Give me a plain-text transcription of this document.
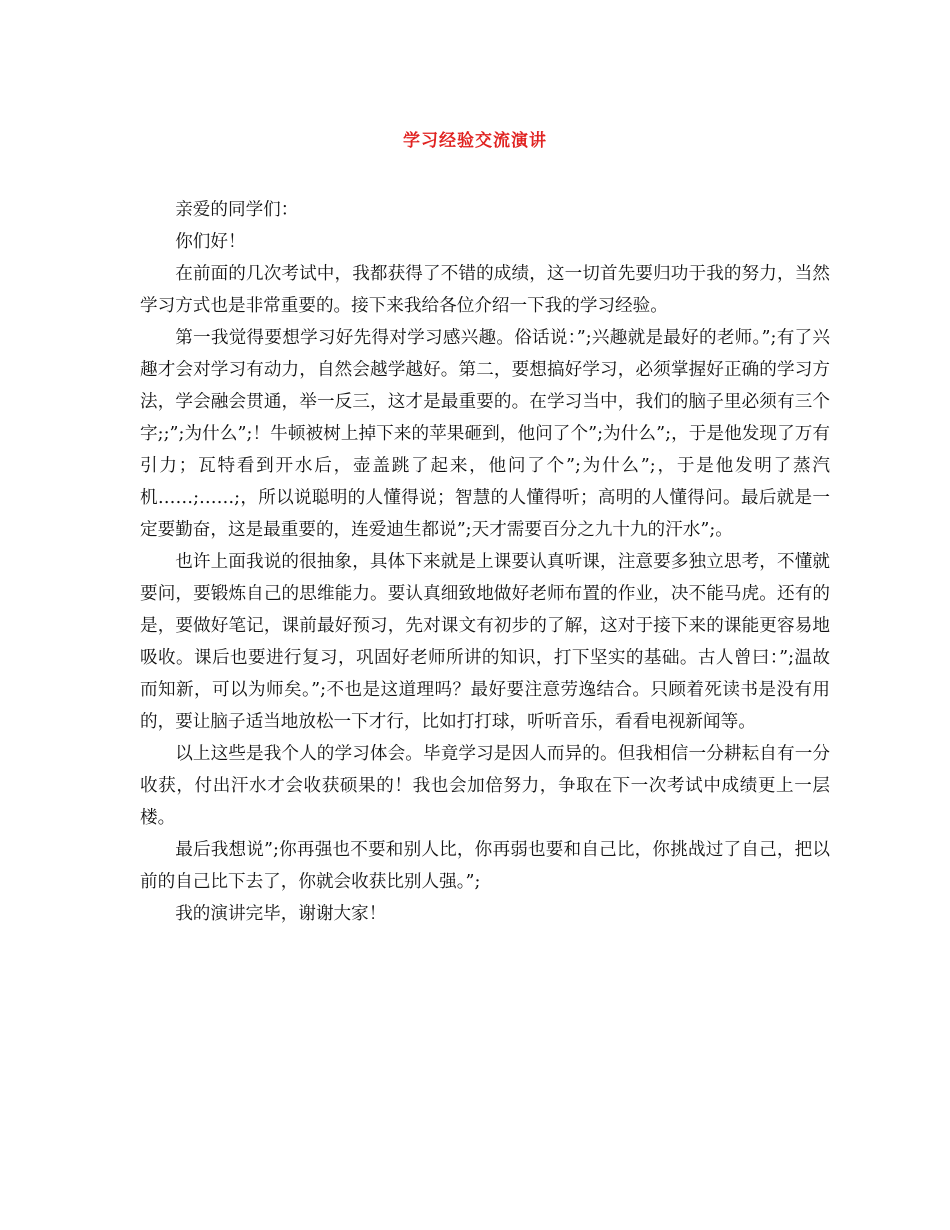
学习经验交流演讲

亲爱的同学们：

你们好！

在前面的几次考试中，我都获得了不错的成绩，这一切首先要归功于我的努力，当然学习方式也是非常重要的。接下来我给各位介绍一下我的学习经验。

第一我觉得要想学习好先得对学习感兴趣。俗话说：”;兴趣就是最好的老师。”;有了兴趣才会对学习有动力，自然会越学越好。第二，要想搞好学习，必须掌握好正确的学习方法，学会融会贯通，举一反三，这才是最重要的。在学习当中，我们的脑子里必须有三个字;;”;为什么”;！牛顿被树上掉下来的苹果砸到，他问了个”;为什么”;，于是他发现了万有引力；瓦特看到开水后，壶盖跳了起来，他问了个”;为什么”;，于是他发明了蒸汽机……;……;，所以说聪明的人懂得说；智慧的人懂得听；高明的人懂得问。最后就是一定要勤奋，这是最重要的，连爱迪生都说”;天才需要百分之九十九的汗水”;。

也许上面我说的很抽象，具体下来就是上课要认真听课，注意要多独立思考，不懂就要问，要锻炼自己的思维能力。要认真细致地做好老师布置的作业，决不能马虎。还有的是，要做好笔记，课前最好预习，先对课文有初步的了解，这对于接下来的课能更容易地吸收。课后也要进行复习，巩固好老师所讲的知识，打下坚实的基础。古人曾曰：”;温故而知新，可以为师矣。”;不也是这道理吗？最好要注意劳逸结合。只顾着死读书是没有用的，要让脑子适当地放松一下才行，比如打打球，听听音乐，看看电视新闻等。

以上这些是我个人的学习体会。毕竟学习是因人而异的。但我相信一分耕耘自有一分收获，付出汗水才会收获硕果的！我也会加倍努力，争取在下一次考试中成绩更上一层楼。

最后我想说”;你再强也不要和别人比，你再弱也要和自己比，你挑战过了自己，把以前的自己比下去了，你就会收获比别人强。”;

我的演讲完毕，谢谢大家！
